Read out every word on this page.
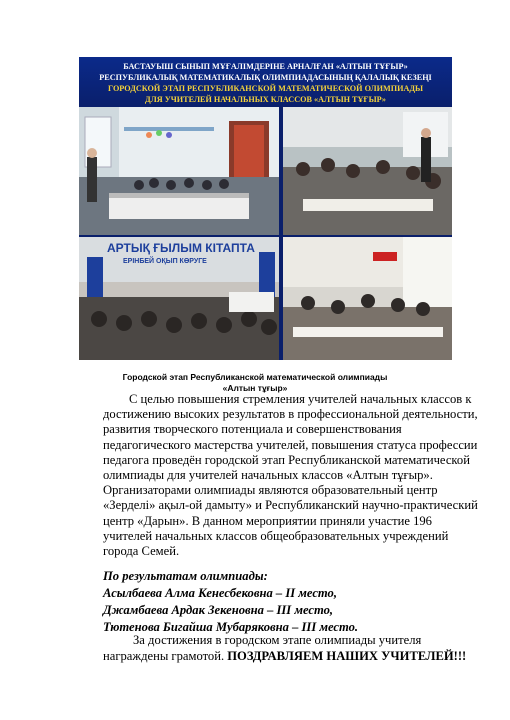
БАСТАУЫШ СЫНЫП МҰҒАЛІМДЕРІНЕ АРНАЛҒАН «АЛТЫН ТҰҒЫР»
РЕСПУБЛИКАЛЫҚ МАТЕМАТИКАЛЫҚ ОЛИМПИАДАСЫНЫҢ ҚАЛАЛЫҚ КЕЗЕҢІ
ГОРОДСКОЙ ЭТАП РЕСПУБЛИКАНСКОЙ МАТЕМАТИЧЕСКОЙ ОЛИМПИАДЫ
ДЛЯ УЧИТЕЛЕЙ НАЧАЛЬНЫХ КЛАССОВ «АЛТЫН ТҰҒЫР»
АРТЫҚ ҒЫЛЫМ КІТАПТА
ЕРІНБЕЙ ОҚЫП КӨРУГЕ
Городской этап Республиканской математической олимпиады
«Алтын тұғыр»

С целью повышения стремления учителей начальных классов к достижению высоких результатов в профессиональной деятельности, развития творческого потенциала и совершенствования педагогического мастерства учителей, повышения статуса профессии педагога проведён городской этап Республиканской математической олимпиады для учителей начальных классов «Алтын тұғыр». Организаторами олимпиады являются образовательный центр «Зерделі» ақыл-ой дамыту» и Республиканский научно-практический центр «Дарын». В данном мероприятии приняли участие 196 учителей начальных классов общеобразовательных учреждений города Семей.

По результатам олимпиады:
Асылбаева Алма Кенесбековна – II место,
Джамбаева Ардак Зекеновна – III место,
Тютенова Бигайша Мубаряковна – III место.
За достижения в городском этапе олимпиады учителя
награждены грамотой. ПОЗДРАВЛЯЕМ НАШИХ УЧИТЕЛЕЙ!!!
